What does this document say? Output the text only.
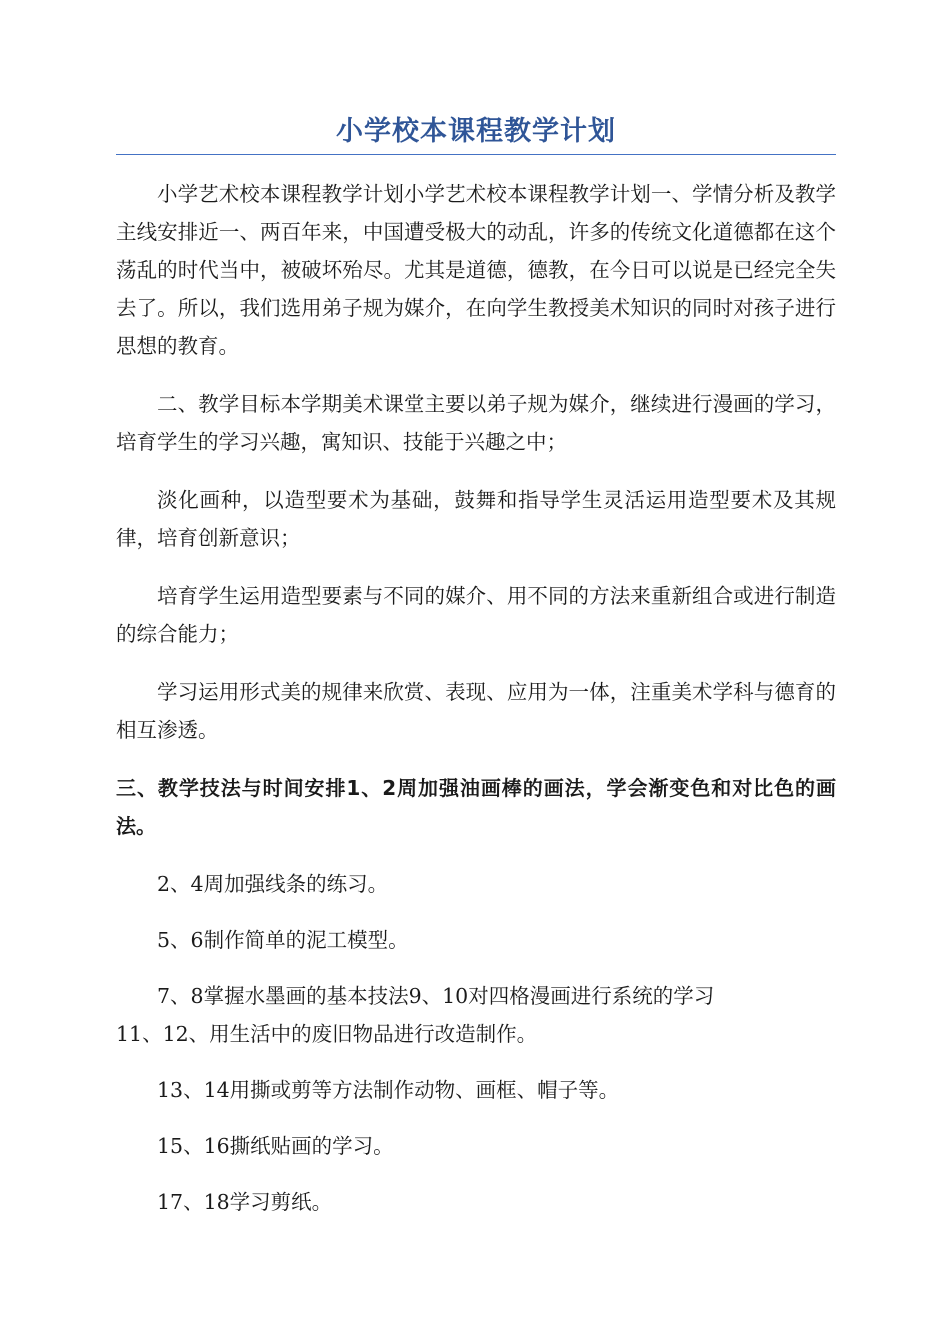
小学校本课程教学计划

小学艺术校本课程教学计划小学艺术校本课程教学计划一、学情分析及教学主线安排近一、两百年来，中国遭受极大的动乱，许多的传统文化道德都在这个荡乱的时代当中，被破坏殆尽。尤其是道德，德教，在今日可以说是已经完全失去了。所以，我们选用弟子规为媒介，在向学生教授美术知识的同时对孩子进行思想的教育。

二、教学目标本学期美术课堂主要以弟子规为媒介，继续进行漫画的学习，培育学生的学习兴趣，寓知识、技能于兴趣之中；

淡化画种，以造型要术为基础，鼓舞和指导学生灵活运用造型要术及其规律，培育创新意识；

培育学生运用造型要素与不同的媒介、用不同的方法来重新组合或进行制造的综合能力；

学习运用形式美的规律来欣赏、表现、应用为一体，注重美术学科与德育的相互渗透。

三、教学技法与时间安排1、2周加强油画棒的画法，学会渐变色和对比色的画法。

2、4周加强线条的练习。

5、6制作简单的泥工模型。

7、8掌握水墨画的基本技法9、10对四格漫画进行系统的学习

11、12、用生活中的废旧物品进行改造制作。

13、14用撕或剪等方法制作动物、画框、帽子等。

15、16撕纸贴画的学习。

17、18学习剪纸。
